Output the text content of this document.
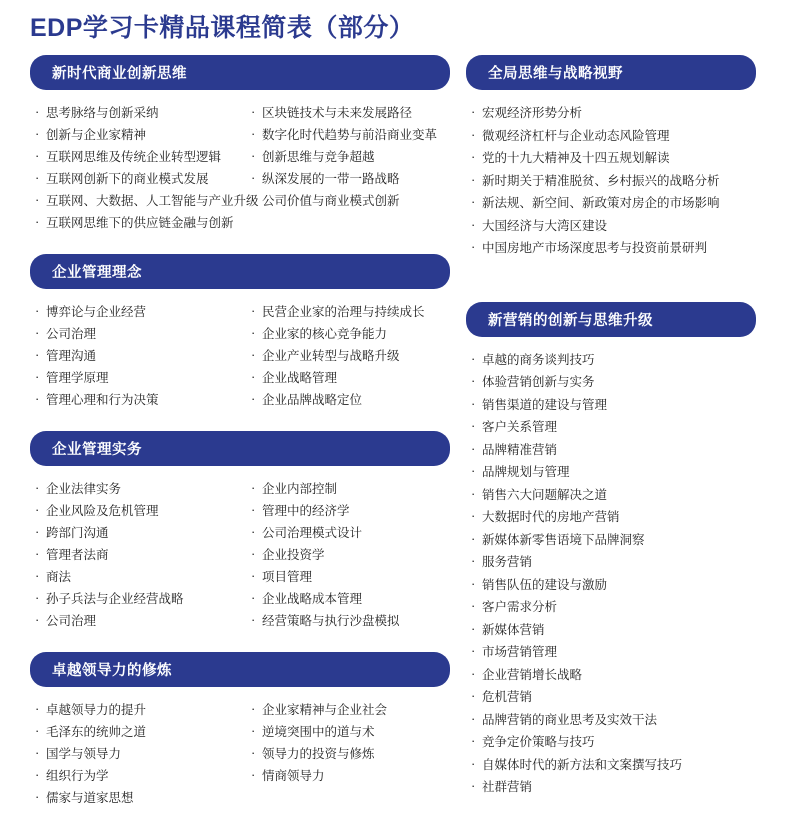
EDP学习卡精品课程简表（部分）
新时代商业创新思维
· 思考脉络与创新采纳
· 创新与企业家精神
· 互联网思维及传统企业转型逻辑
· 互联网创新下的商业模式发展
· 互联网、大数据、人工智能与产业升级
· 互联网思维下的供应链金融与创新
· 区块链技术与未来发展路径
· 数字化时代趋势与前沿商业变革
· 创新思维与竞争超越
· 纵深发展的一带一路战略
· 公司价值与商业模式创新
企业管理理念
· 博弈论与企业经营
· 公司治理
· 管理沟通
· 管理学原理
· 管理心理和行为决策
· 民营企业家的治理与持续成长
· 企业家的核心竞争能力
· 企业产业转型与战略升级
· 企业战略管理
· 企业品牌战略定位
企业管理实务
· 企业法律实务
· 企业风险及危机管理
· 跨部门沟通
· 管理者法商
· 商法
· 孙子兵法与企业经营战略
· 公司治理
· 企业内部控制
· 管理中的经济学
· 公司治理模式设计
· 企业投资学
· 项目管理
· 企业战略成本管理
· 经营策略与执行沙盘模拟
卓越领导力的修炼
· 卓越领导力的提升
· 毛泽东的统帅之道
· 国学与领导力
· 组织行为学
· 儒家与道家思想
· 企业家精神与企业社会
· 逆境突围中的道与术
· 领导力的投资与修炼
· 情商领导力
全局思维与战略视野
· 宏观经济形势分析
· 微观经济杠杆与企业动态风险管理
· 党的十九大精神及十四五规划解读
· 新时期关于精准脱贫、乡村振兴的战略分析
· 新法规、新空间、新政策对房企的市场影响
· 大国经济与大湾区建设
· 中国房地产市场深度思考与投资前景研判
新营销的创新与思维升级
· 卓越的商务谈判技巧
· 体验营销创新与实务
· 销售渠道的建设与管理
· 客户关系管理
· 品牌精准营销
· 品牌规划与管理
· 销售六大问题解决之道
· 大数据时代的房地产营销
· 新媒体新零售语境下品牌洞察
· 服务营销
· 销售队伍的建设与激励
· 客户需求分析
· 新媒体营销
· 市场营销管理
· 企业营销增长战略
· 危机营销
· 品牌营销的商业思考及实效干法
· 竞争定价策略与技巧
· 自媒体时代的新方法和文案撰写技巧
· 社群营销
